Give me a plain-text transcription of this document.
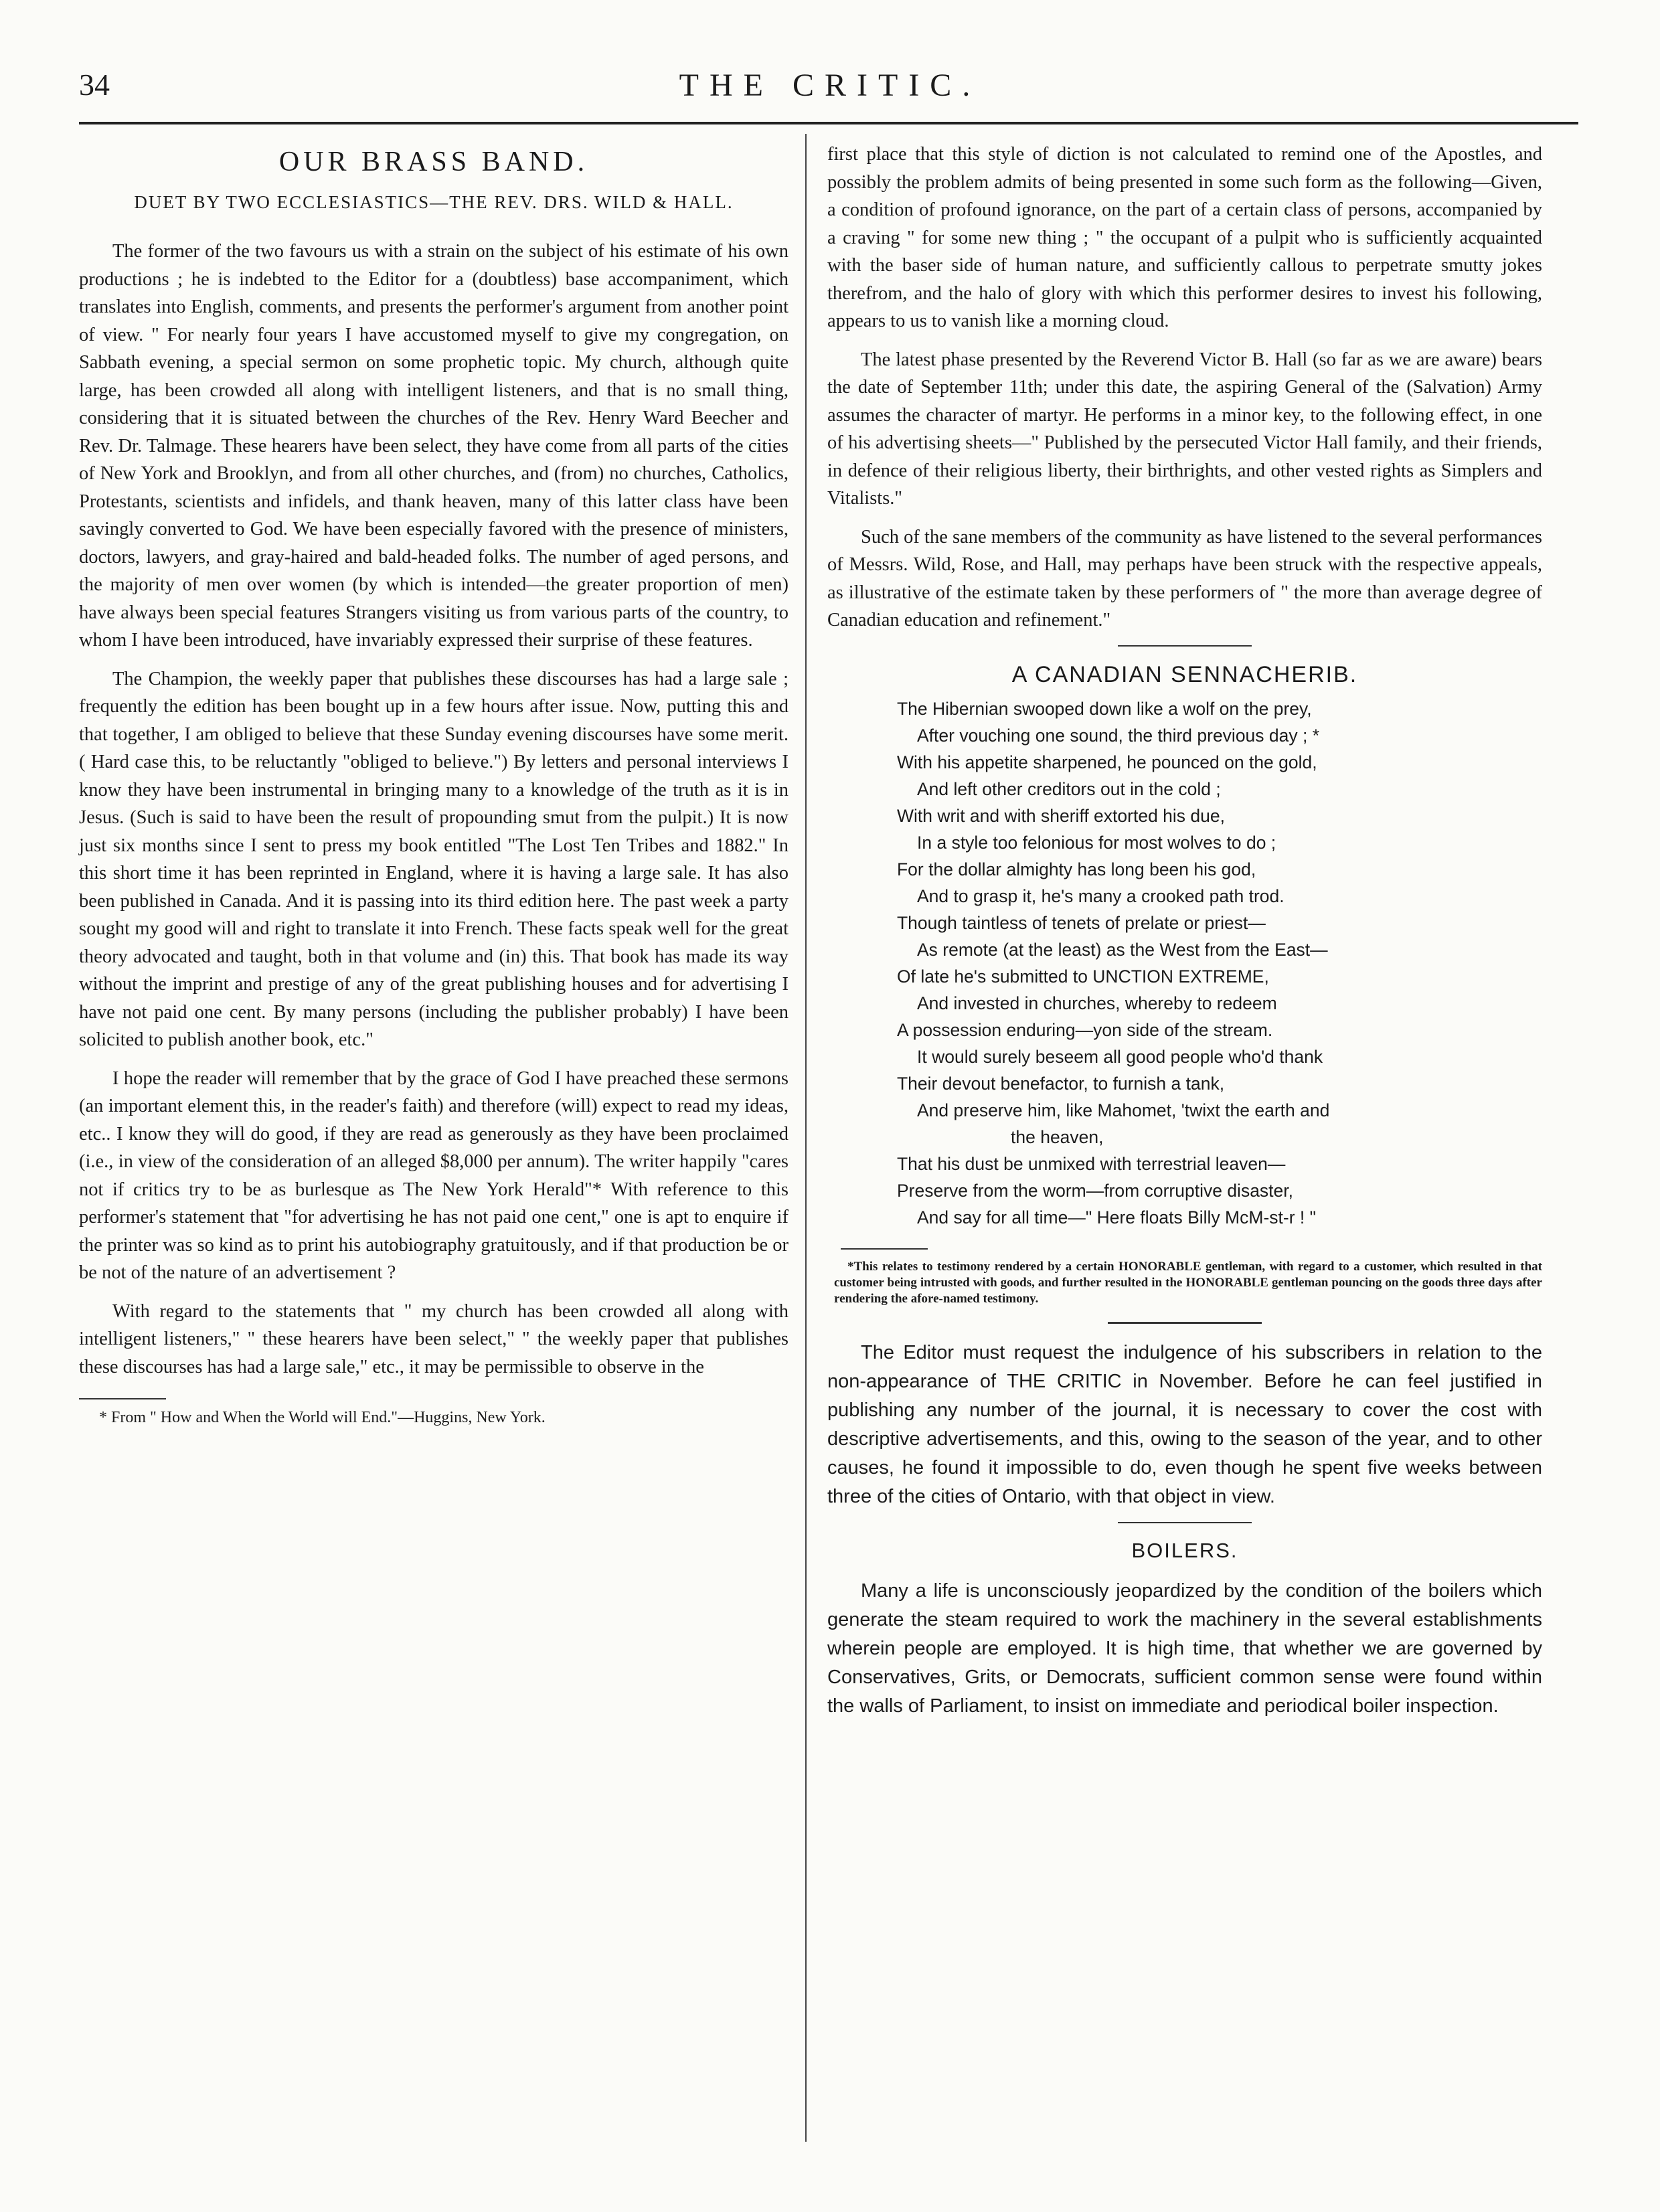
34	THE CRITIC.

OUR BRASS BAND.

DUET BY TWO ECCLESIASTICS—THE REV. DRS. WILD & HALL.

The former of the two favours us with a strain on the subject of his estimate of his own productions ; he is indebted to the Editor for a (doubtless) base accompaniment, which translates into English, comments, and presents the performer's argument from another point of view. " For nearly four years I have accustomed myself to give my congregation, on Sabbath evening, a special sermon on some prophetic topic. My church, although quite large, has been crowded all along with intelligent listeners, and that is no small thing, considering that it is situated between the churches of the Rev. Henry Ward Beecher and Rev. Dr. Talmage. These hearers have been select, they have come from all parts of the cities of New York and Brooklyn, and from all other churches, and (from) no churches, Catholics, Protestants, scientists and infidels, and thank heaven, many of this latter class have been savingly converted to God. We have been especially favored with the presence of ministers, doctors, lawyers, and gray-haired and bald-headed folks. The number of aged persons, and the majority of men over women (by which is intended—the greater proportion of men) have always been special features Strangers visiting us from various parts of the country, to whom I have been introduced, have invariably expressed their surprise of these features.

The Champion, the weekly paper that publishes these discourses has had a large sale ; frequently the edition has been bought up in a few hours after issue. Now, putting this and that together, I am obliged to believe that these Sunday evening discourses have some merit. ( Hard case this, to be reluctantly "obliged to believe.") By letters and personal interviews I know they have been instrumental in bringing many to a knowledge of the truth as it is in Jesus. (Such is said to have been the result of propounding smut from the pulpit.) It is now just six months since I sent to press my book entitled "The Lost Ten Tribes and 1882." In this short time it has been reprinted in England, where it is having a large sale. It has also been published in Canada. And it is passing into its third edition here. The past week a party sought my good will and right to translate it into French. These facts speak well for the great theory advocated and taught, both in that volume and (in) this. That book has made its way without the imprint and prestige of any of the great publishing houses and for advertising I have not paid one cent. By many persons (including the publisher probably) I have been solicited to publish another book, etc."

I hope the reader will remember that by the grace of God I have preached these sermons (an important element this, in the reader's faith) and therefore (will) expect to read my ideas, etc.. I know they will do good, if they are read as generously as they have been proclaimed (i.e., in view of the consideration of an alleged $8,000 per annum). The writer happily "cares not if critics try to be as burlesque as The New York Herald"* With reference to this performer's statement that "for advertising he has not paid one cent," one is apt to enquire if the printer was so kind as to print his autobiography gratuitously, and if that production be or be not of the nature of an advertisement ?

With regard to the statements that " my church has been crowded all along with intelligent listeners," " these hearers have been select," " the weekly paper that publishes these discourses has had a large sale," etc., it may be permissible to observe in the

* From " How and When the World will End."—Huggins, New York.

first place that this style of diction is not calculated to remind one of the Apostles, and possibly the problem admits of being presented in some such form as the following—Given, a condition of profound ignorance, on the part of a certain class of persons, accompanied by a craving " for some new thing ; " the occupant of a pulpit who is sufficiently acquainted with the baser side of human nature, and sufficiently callous to perpetrate smutty jokes therefrom, and the halo of glory with which this performer desires to invest his following, appears to us to vanish like a morning cloud.

The latest phase presented by the Reverend Victor B. Hall (so far as we are aware) bears the date of September 11th; under this date, the aspiring General of the (Salvation) Army assumes the character of martyr. He performs in a minor key, to the following effect, in one of his advertising sheets—" Published by the persecuted Victor Hall family, and their friends, in defence of their religious liberty, their birthrights, and other vested rights as Simplers and Vitalists."

Such of the sane members of the community as have listened to the several performances of Messrs. Wild, Rose, and Hall, may perhaps have been struck with the respective appeals, as illustrative of the estimate taken by these performers of " the more than average degree of Canadian education and refinement."

A CANADIAN SENNACHERIB.

The Hibernian swooped down like a wolf on the prey,
After vouching one sound, the third previous day ; *
With his appetite sharpened, he pounced on the gold,
And left other creditors out in the cold ;
With writ and with sheriff extorted his due,
In a style too felonious for most wolves to do ;
For the dollar almighty has long been his god,
And to grasp it, he's many a crooked path trod.
Though taintless of tenets of prelate or priest—
As remote (at the least) as the West from the East—
Of late he's submitted to UNCTION EXTREME,
And invested in churches, whereby to redeem
A possession enduring—yon side of the stream.
It would surely beseem all good people who'd thank
Their devout benefactor, to furnish a tank,
And preserve him, like Mahomet, 'twixt the earth and
the heaven,
That his dust be unmixed with terrestrial leaven—
Preserve from the worm—from corruptive disaster,
And say for all time—" Here floats Billy McM-st-r ! "

*This relates to testimony rendered by a certain HONORABLE gentleman, with regard to a customer, which resulted in that customer being intrusted with goods, and further resulted in the HONORABLE gentleman pouncing on the goods three days after rendering the afore-named testimony.

The Editor must request the indulgence of his subscribers in relation to the non-appearance of THE CRITIC in November. Before he can feel justified in publishing any number of the journal, it is necessary to cover the cost with descriptive advertisements, and this, owing to the season of the year, and to other causes, he found it impossible to do, even though he spent five weeks between three of the cities of Ontario, with that object in view.

BOILERS.

Many a life is unconsciously jeopardized by the condition of the boilers which generate the steam required to work the machinery in the several establishments wherein people are employed. It is high time, that whether we are governed by Conservatives, Grits, or Democrats, sufficient common sense were found within the walls of Parliament, to insist on immediate and periodical boiler inspection.
